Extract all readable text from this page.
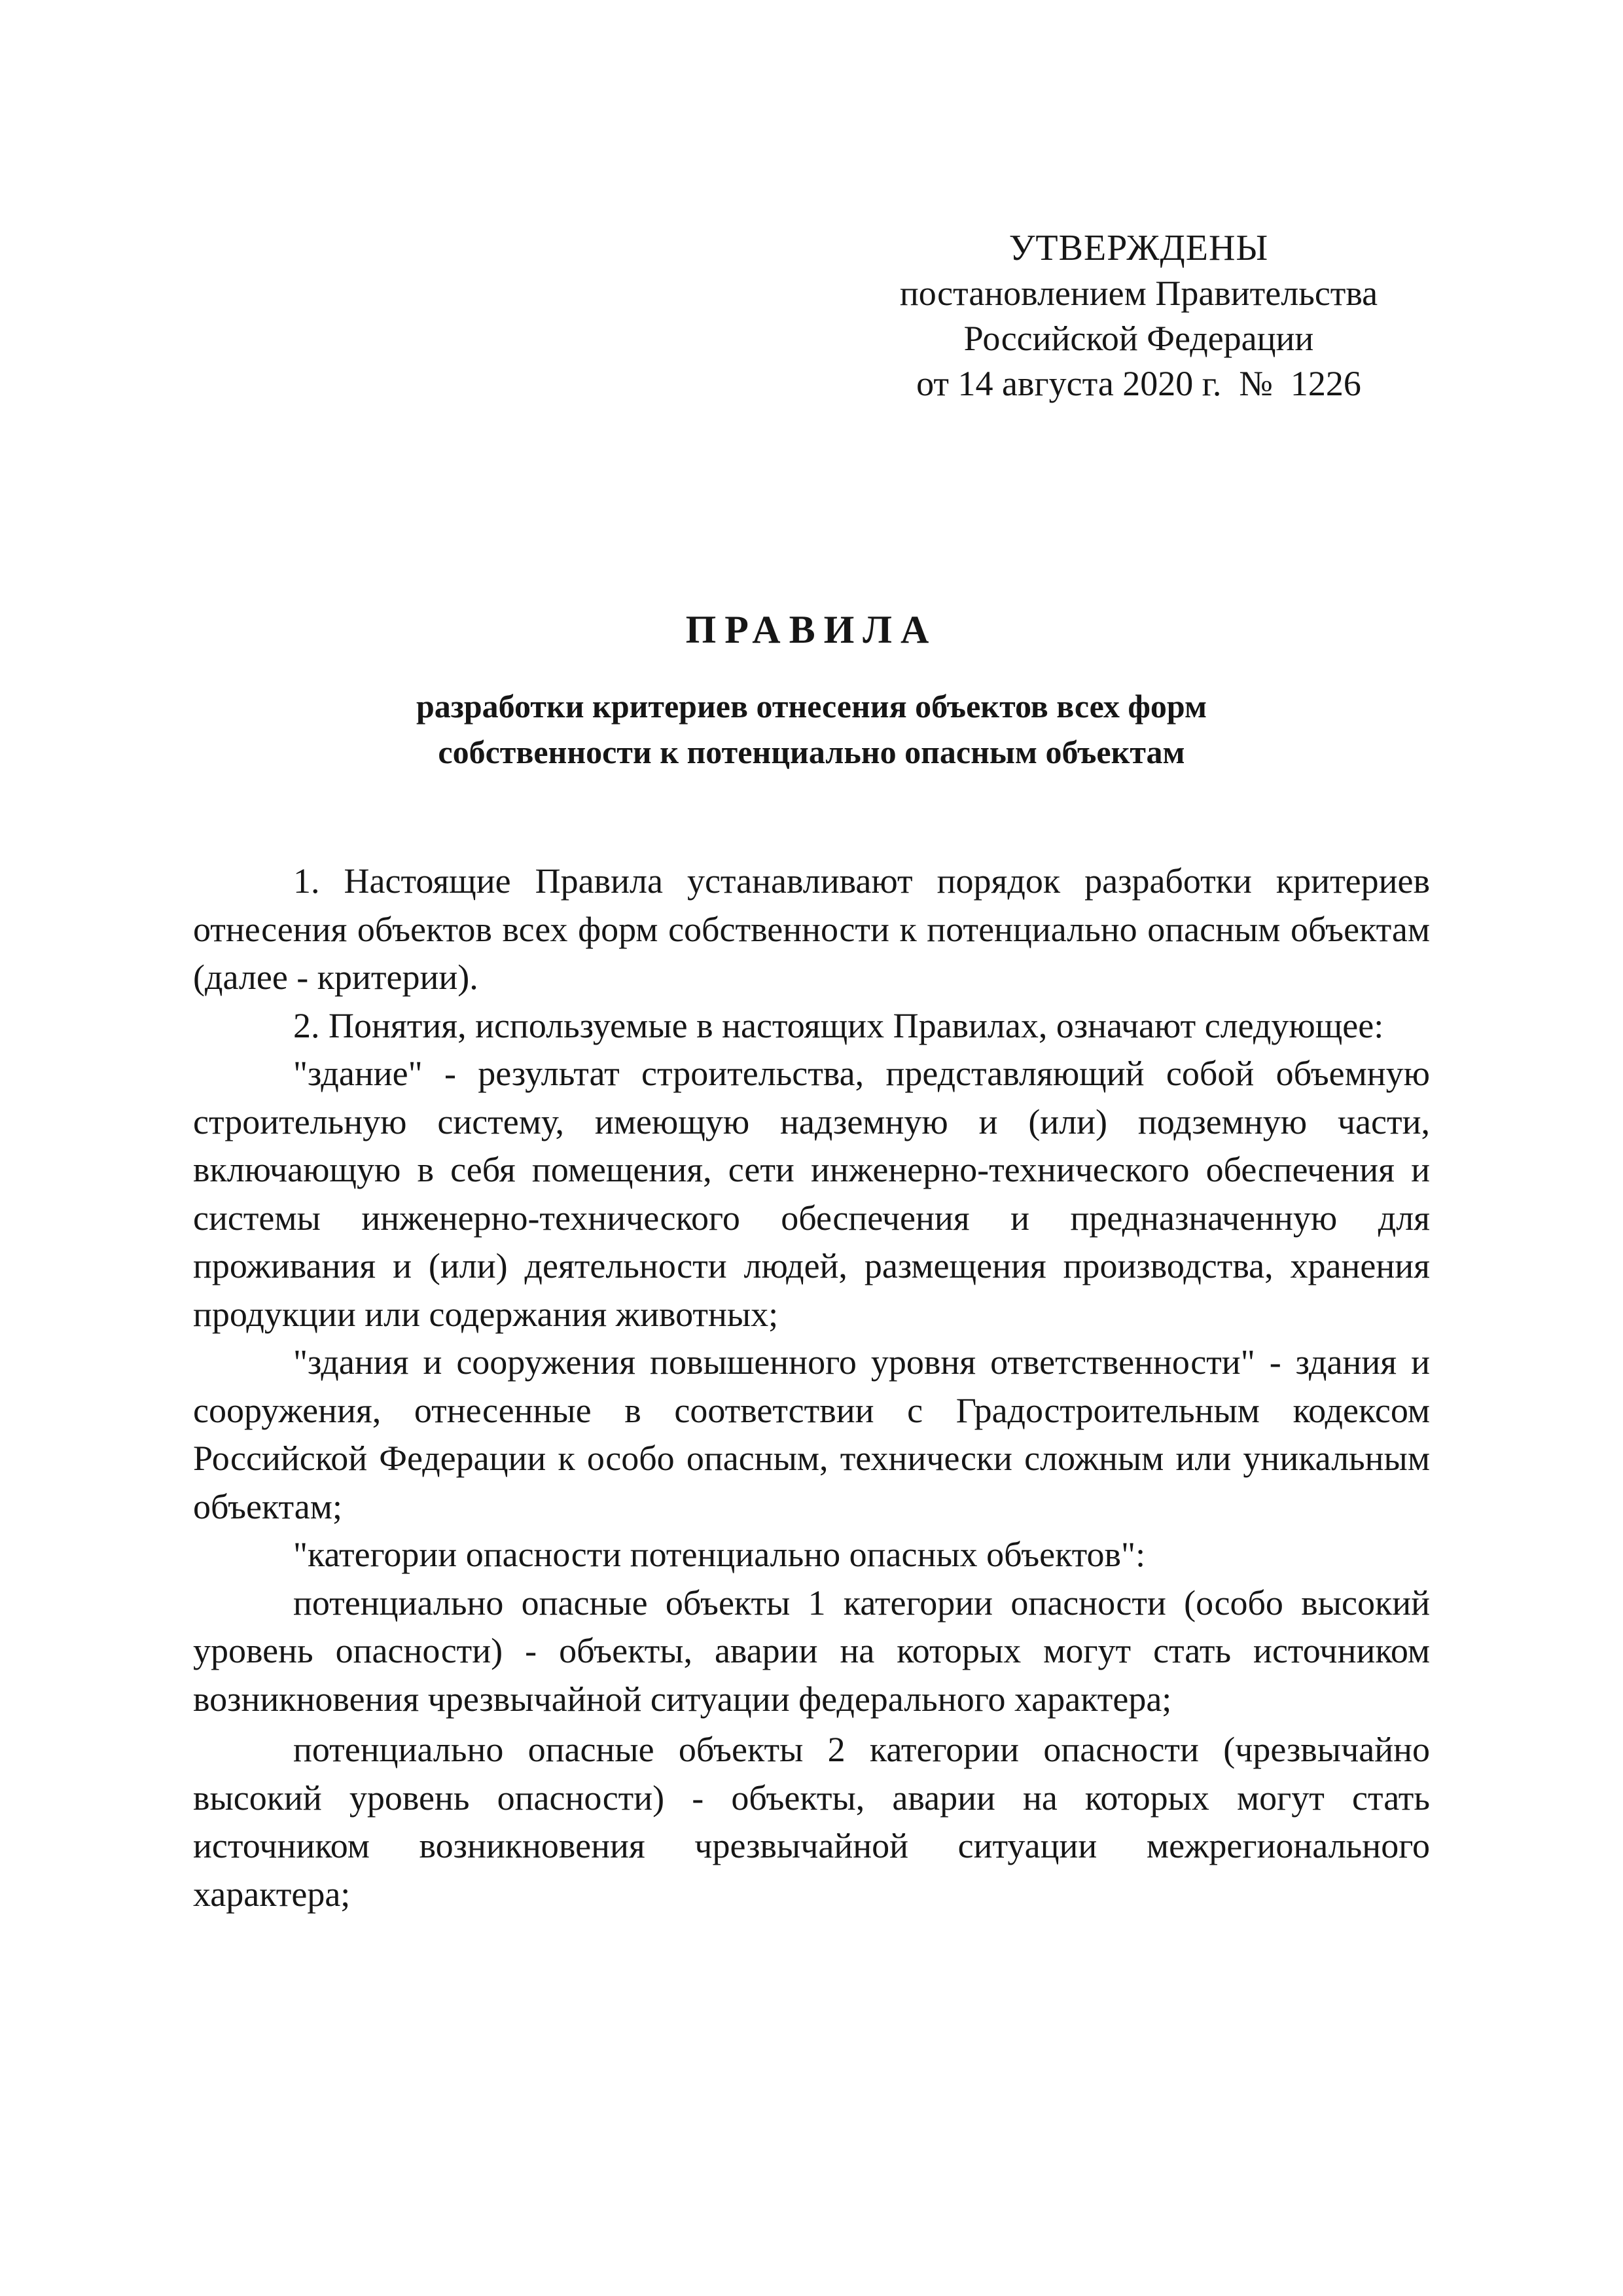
УТВЕРЖДЕНЫ
постановлением Правительства
Российской Федерации
от 14 августа 2020 г.  №  1226
ПРАВИЛА
разработки критериев отнесения объектов всех форм
собственности к потенциально опасным объектам

1. Настоящие Правила устанавливают порядок разработки критериев отнесения объектов всех форм собственности к потенциально опасным объектам (далее - критерии).

2. Понятия, используемые в настоящих Правилах, означают следующее:

"здание" - результат строительства, представляющий собой объемную строительную систему, имеющую надземную и (или) подземную части, включающую в себя помещения, сети инженерно-технического обеспечения и системы инженерно-технического обеспечения и предназначенную для проживания и (или) деятельности людей, размещения производства, хранения продукции или содержания животных;

"здания и сооружения повышенного уровня ответственности" - здания и сооружения, отнесенные в соответствии с Градостроительным кодексом Российской Федерации к особо опасным, технически сложным или уникальным объектам;

"категории опасности потенциально опасных объектов":

потенциально опасные объекты 1 категории опасности (особо высокий уровень опасности) - объекты, аварии на которых могут стать источником возникновения чрезвычайной ситуации федерального характера;

потенциально опасные объекты 2 категории опасности (чрезвычайно высокий уровень опасности) - объекты, аварии на которых могут стать источником возникновения чрезвычайной ситуации межрегионального характера;
